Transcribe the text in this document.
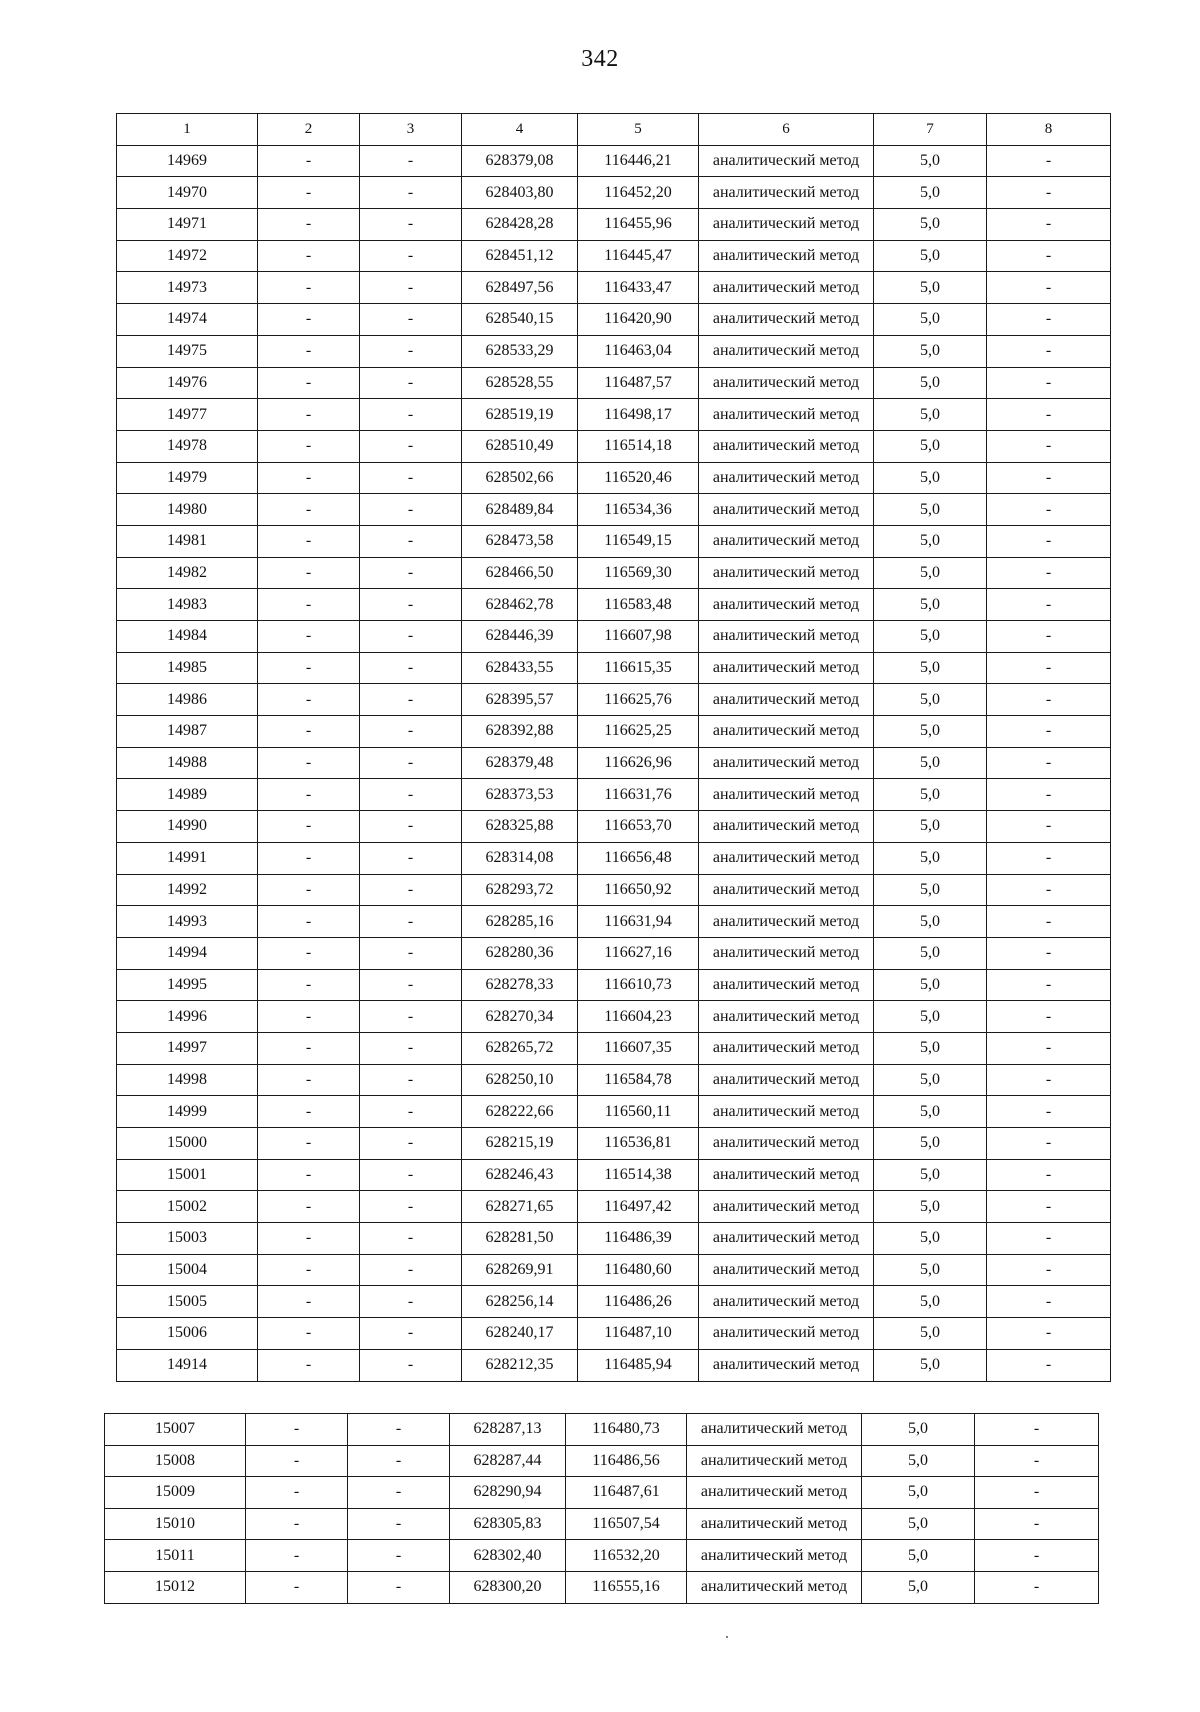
342
1	2	3	4	5	6	7	8
14969	-	-	628379,08	116446,21	аналитический метод	5,0	-
14970	-	-	628403,80	116452,20	аналитический метод	5,0	-
14971	-	-	628428,28	116455,96	аналитический метод	5,0	-
14972	-	-	628451,12	116445,47	аналитический метод	5,0	-
14973	-	-	628497,56	116433,47	аналитический метод	5,0	-
14974	-	-	628540,15	116420,90	аналитический метод	5,0	-
14975	-	-	628533,29	116463,04	аналитический метод	5,0	-
14976	-	-	628528,55	116487,57	аналитический метод	5,0	-
14977	-	-	628519,19	116498,17	аналитический метод	5,0	-
14978	-	-	628510,49	116514,18	аналитический метод	5,0	-
14979	-	-	628502,66	116520,46	аналитический метод	5,0	-
14980	-	-	628489,84	116534,36	аналитический метод	5,0	-
14981	-	-	628473,58	116549,15	аналитический метод	5,0	-
14982	-	-	628466,50	116569,30	аналитический метод	5,0	-
14983	-	-	628462,78	116583,48	аналитический метод	5,0	-
14984	-	-	628446,39	116607,98	аналитический метод	5,0	-
14985	-	-	628433,55	116615,35	аналитический метод	5,0	-
14986	-	-	628395,57	116625,76	аналитический метод	5,0	-
14987	-	-	628392,88	116625,25	аналитический метод	5,0	-
14988	-	-	628379,48	116626,96	аналитический метод	5,0	-
14989	-	-	628373,53	116631,76	аналитический метод	5,0	-
14990	-	-	628325,88	116653,70	аналитический метод	5,0	-
14991	-	-	628314,08	116656,48	аналитический метод	5,0	-
14992	-	-	628293,72	116650,92	аналитический метод	5,0	-
14993	-	-	628285,16	116631,94	аналитический метод	5,0	-
14994	-	-	628280,36	116627,16	аналитический метод	5,0	-
14995	-	-	628278,33	116610,73	аналитический метод	5,0	-
14996	-	-	628270,34	116604,23	аналитический метод	5,0	-
14997	-	-	628265,72	116607,35	аналитический метод	5,0	-
14998	-	-	628250,10	116584,78	аналитический метод	5,0	-
14999	-	-	628222,66	116560,11	аналитический метод	5,0	-
15000	-	-	628215,19	116536,81	аналитический метод	5,0	-
15001	-	-	628246,43	116514,38	аналитический метод	5,0	-
15002	-	-	628271,65	116497,42	аналитический метод	5,0	-
15003	-	-	628281,50	116486,39	аналитический метод	5,0	-
15004	-	-	628269,91	116480,60	аналитический метод	5,0	-
15005	-	-	628256,14	116486,26	аналитический метод	5,0	-
15006	-	-	628240,17	116487,10	аналитический метод	5,0	-
14914	-	-	628212,35	116485,94	аналитический метод	5,0	-
15007	-	-	628287,13	116480,73	аналитический метод	5,0	-
15008	-	-	628287,44	116486,56	аналитический метод	5,0	-
15009	-	-	628290,94	116487,61	аналитический метод	5,0	-
15010	-	-	628305,83	116507,54	аналитический метод	5,0	-
15011	-	-	628302,40	116532,20	аналитический метод	5,0	-
15012	-	-	628300,20	116555,16	аналитический метод	5,0	-
